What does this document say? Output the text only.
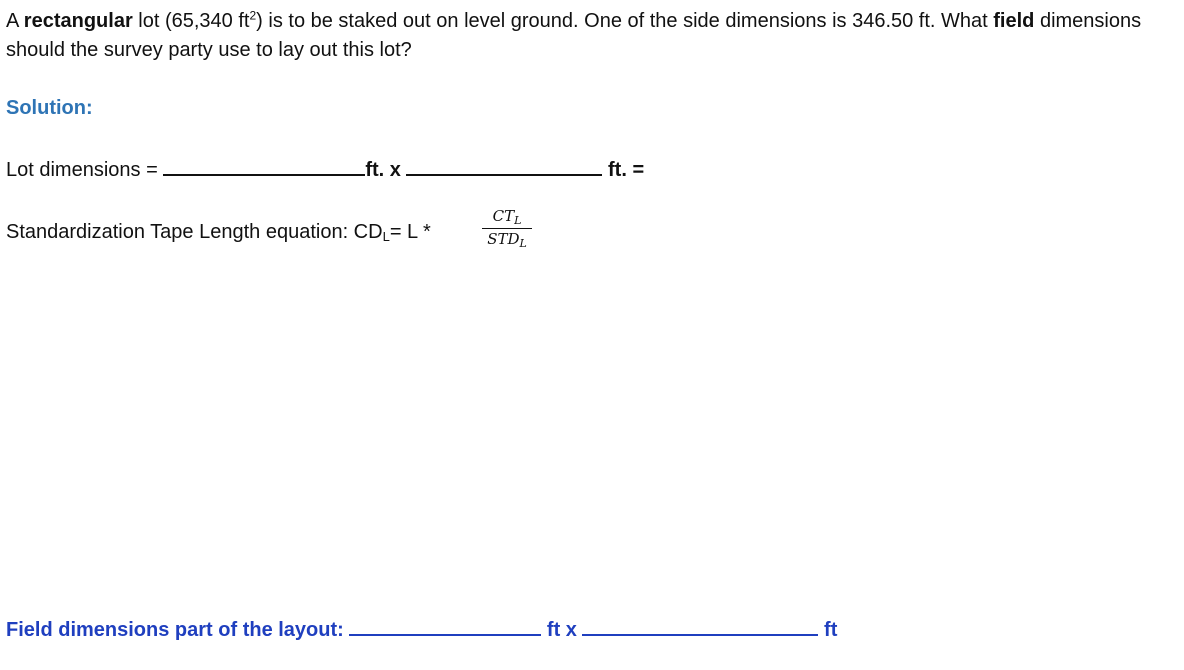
A rectangular lot (65,340 $ft^2$) is to be staked out on level ground. One of the side dimensions is 346.50 ft. What field dimensions should the survey party use to lay out this lot?
Solution:
Lot dimensions =	ft. x	ft. =
Standardization Tape Length equation: $CD_L= L$ *
$CT_L$
$STD_L$
Field dimensions part of the layout:	ft x	ft
